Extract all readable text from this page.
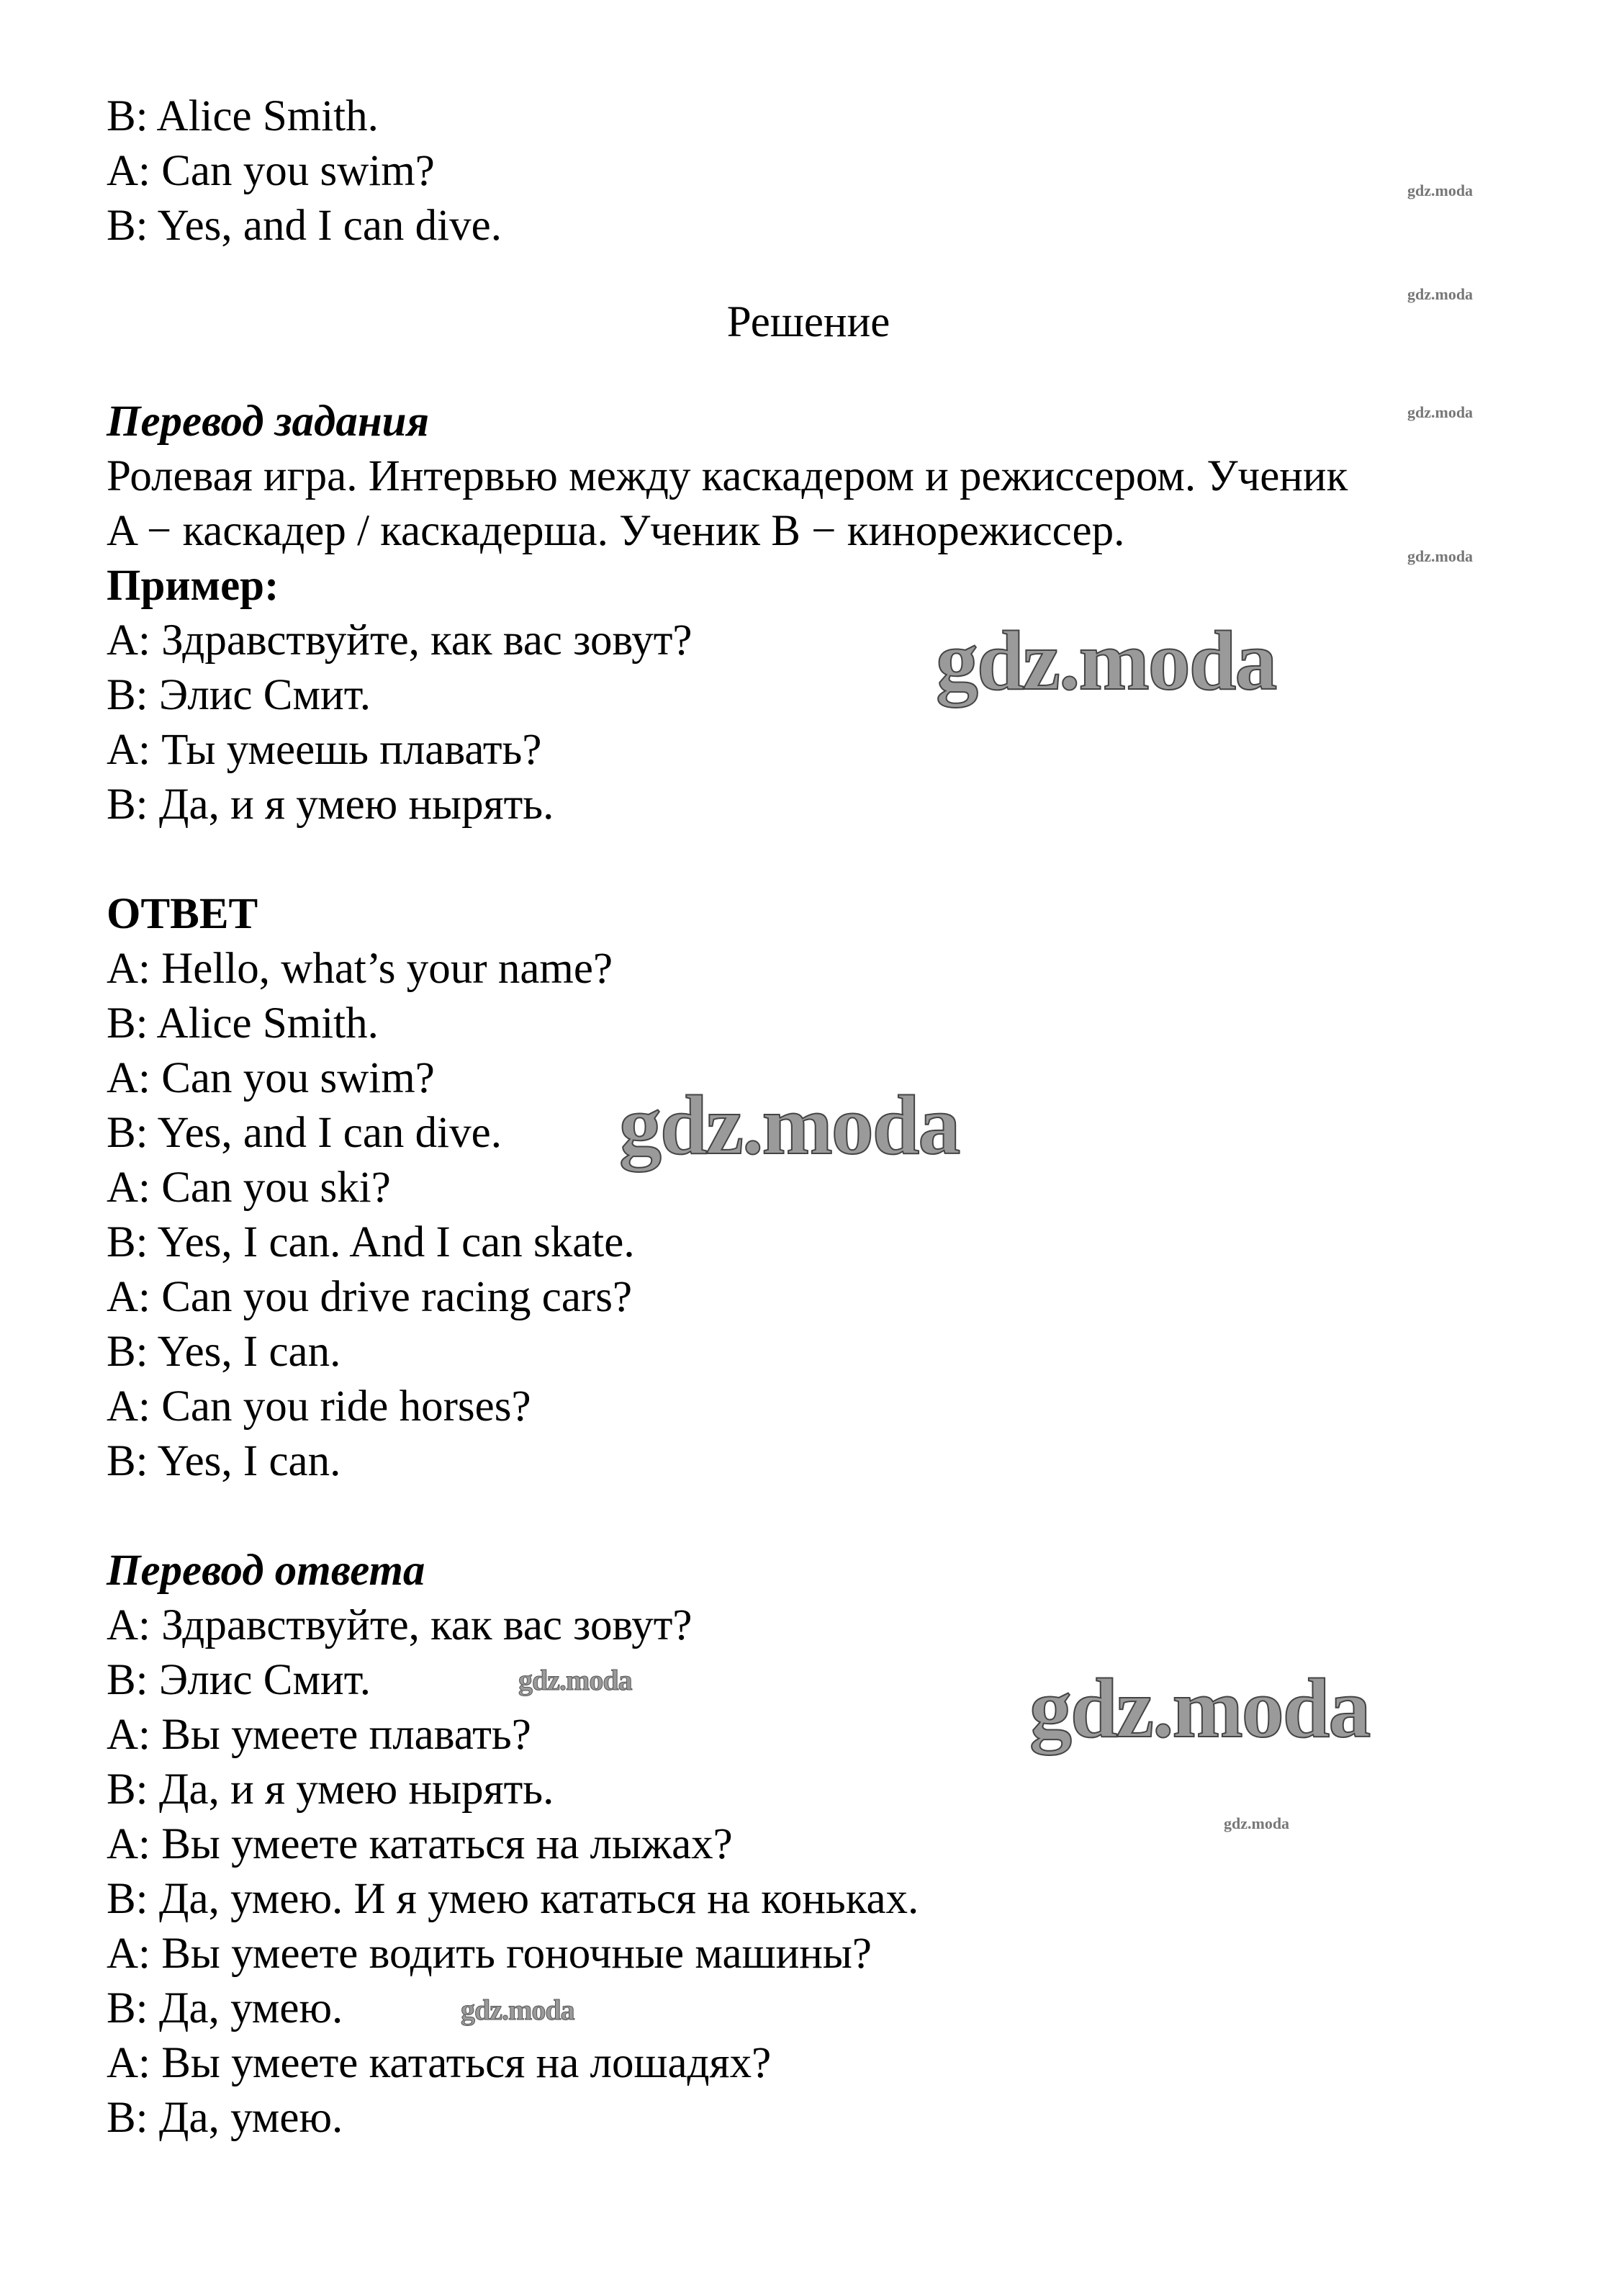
B: Alice Smith.
A: Can you swim?
B: Yes, and I can dive.
Решение
Перевод задания
Ролевая игра. Интервью между каскадером и режиссером. Ученик
A − каскадер / каскадерша. Ученик B − кинорежиссер.
Пример:
A: Здравствуйте, как вас зовут?
B: Элис Смит.
A: Ты умеешь плавать?
B: Да, и я умею нырять.
ОТВЕТ
A: Hello, what’s your name?
B: Alice Smith.
A: Can you swim?
B: Yes, and I can dive.
A: Can you ski?
B: Yes, I can. And I can skate.
A: Can you drive racing cars?
B: Yes, I can.
A: Can you ride horses?
B: Yes, I can.
Перевод ответа
A: Здравствуйте, как вас зовут?
B: Элис Смит.
A: Вы умеете плавать?
B: Да, и я умею нырять.
A: Вы умеете кататься на лыжах?
B: Да, умею. И я умею кататься на коньках.
A: Вы умеете водить гоночные машины?
B: Да, умею.
A: Вы умеете кататься на лошадях?
B: Да, умею.
gdz.moda
gdz.moda
gdz.moda
gdz.moda
gdz.moda
gdz.moda
gdz.moda
gdz.moda
gdz.moda
gdz.moda
